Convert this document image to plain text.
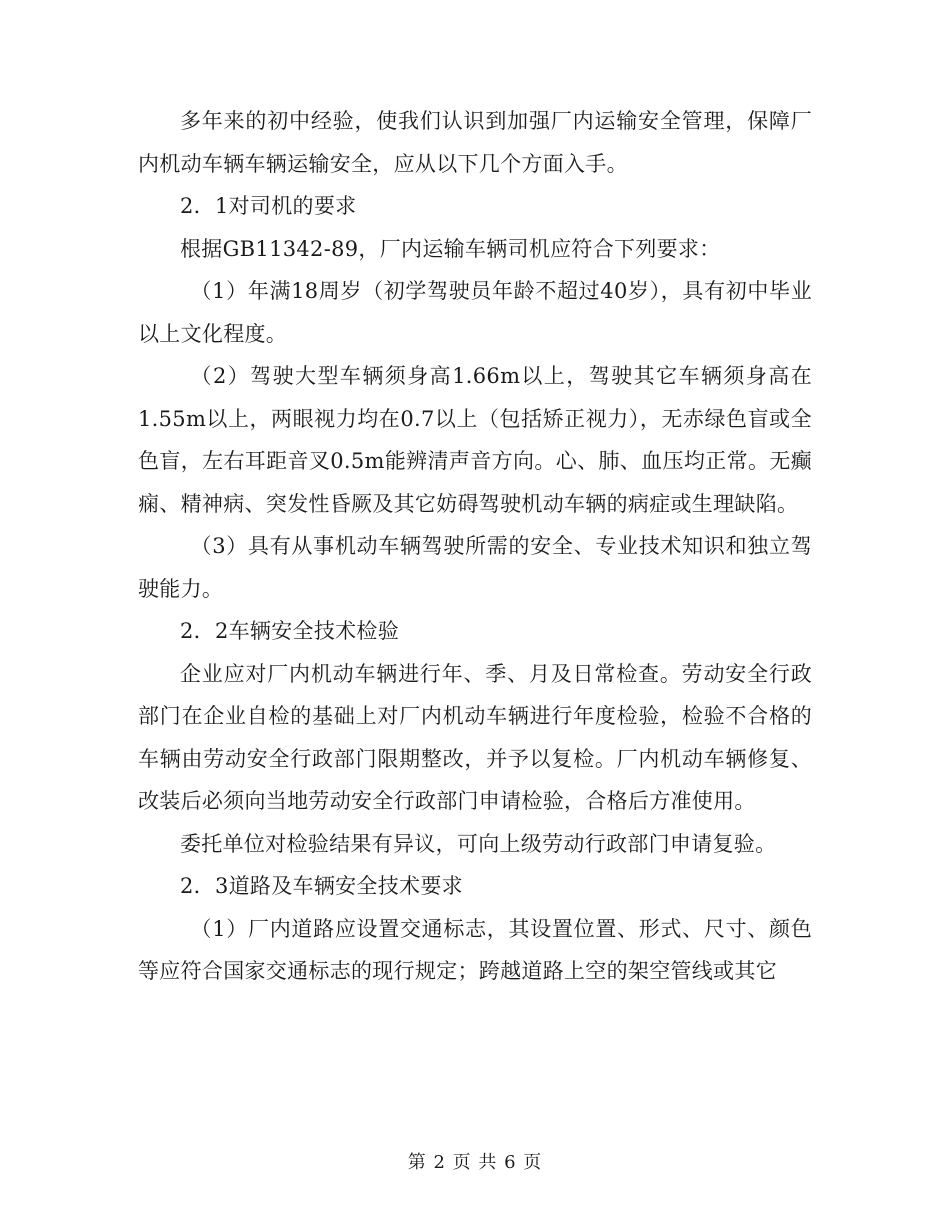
多年来的初中经验，使我们认识到加强厂内运输安全管理，保障厂内机动车辆车辆运输安全，应从以下几个方面入手。

2．1对司机的要求

根据GB11342-89，厂内运输车辆司机应符合下列要求：

（1）年满18周岁（初学驾驶员年龄不超过40岁），具有初中毕业以上文化程度。

（2）驾驶大型车辆须身高1.66m以上，驾驶其它车辆须身高在1.55m以上，两眼视力均在0.7以上（包括矫正视力），无赤绿色盲或全色盲，左右耳距音叉0.5m能辨清声音方向。心、肺、血压均正常。无癫痫、精神病、突发性昏厥及其它妨碍驾驶机动车辆的病症或生理缺陷。

（3）具有从事机动车辆驾驶所需的安全、专业技术知识和独立驾驶能力。

2．2车辆安全技术检验

企业应对厂内机动车辆进行年、季、月及日常检查。劳动安全行政部门在企业自检的基础上对厂内机动车辆进行年度检验，检验不合格的车辆由劳动安全行政部门限期整改，并予以复检。厂内机动车辆修复、改装后必须向当地劳动安全行政部门申请检验，合格后方准使用。

委托单位对检验结果有异议，可向上级劳动行政部门申请复验。

2．3道路及车辆安全技术要求

（1）厂内道路应设置交通标志，其设置位置、形式、尺寸、颜色等应符合国家交通标志的现行规定；跨越道路上空的架空管线或其它

第 2 页 共 6 页
